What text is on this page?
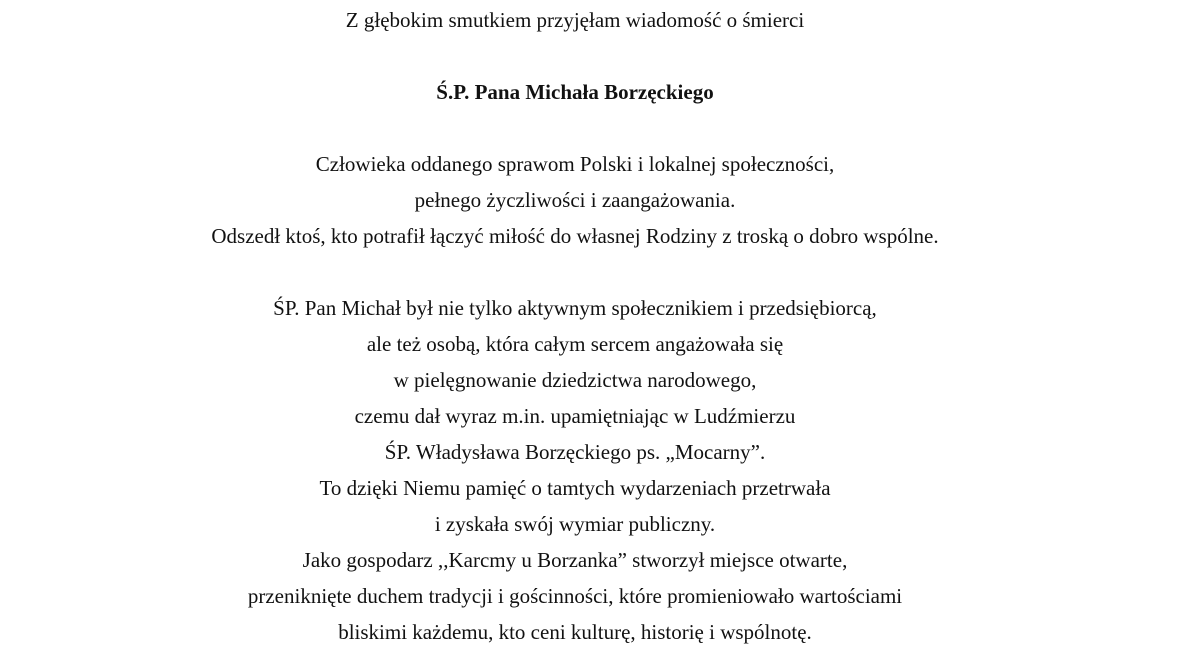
Z głębokim smutkiem przyjęłam wiadomość o śmierci
Ś.P. Pana Michała Borzęckiego
Człowieka oddanego sprawom Polski i lokalnej społeczności,
pełnego życzliwości i zaangażowania.
Odszedł ktoś, kto potrafił łączyć miłość do własnej Rodziny z troską o dobro wspólne.
ŚP. Pan Michał był nie tylko aktywnym społecznikiem i przedsiębiorcą,
ale też osobą, która całym sercem angażowała się
w pielęgnowanie dziedzictwa narodowego,
czemu dał wyraz m.in. upamiętniając w Ludźmierzu
ŚP. Władysława Borzęckiego ps. „Mocarny”.
To dzięki Niemu pamięć o tamtych wydarzeniach przetrwała
i zyskała swój wymiar publiczny.
Jako gospodarz ,,Karcmy u Borzanka” stworzył miejsce otwarte,
przeniknięte duchem tradycji i gościnności, które promieniowało wartościami
bliskimi każdemu, kto ceni kulturę, historię i wspólnotę.
